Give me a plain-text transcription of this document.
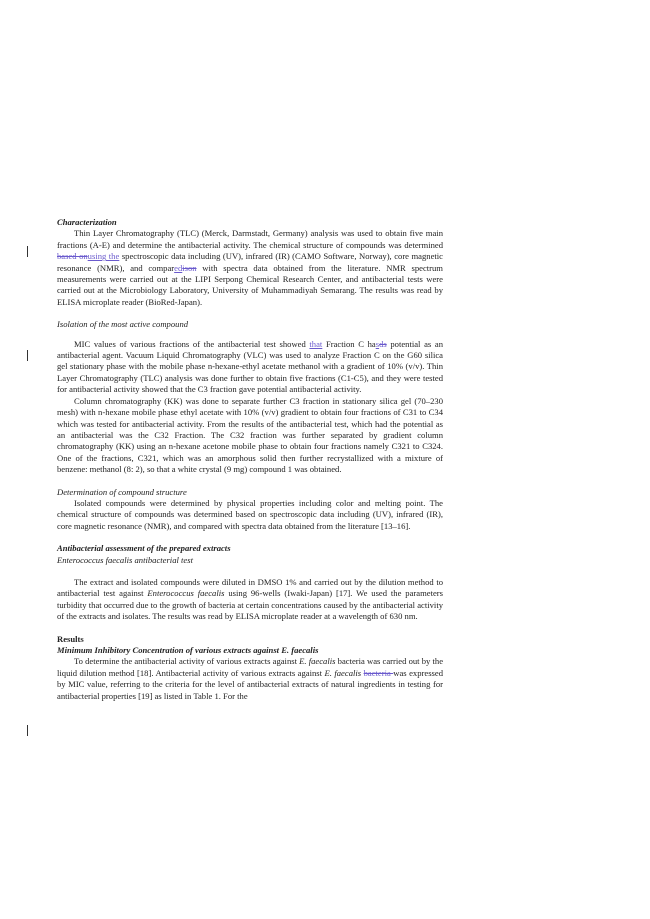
Characterization

Thin Layer Chromatography (TLC) (Merck, Darmstadt, Germany) analysis was used to obtain five main fractions (A-E) and determine the antibacterial activity. The chemical structure of compounds was determined based onusing the spectroscopic data including (UV), infrared (IR) (CAMO Software, Norway), core magnetic resonance (NMR), and comparedison with spectra data obtained from the literature. NMR spectrum measurements were carried out at the LIPI Serpong Chemical Research Center, and antibacterial tests were carried out at the Microbiology Laboratory, University of Muhammadiyah Semarang. The results was read by ELISA microplate reader (BioRed-Japan).

Isolation of the most active compound

MIC values of various fractions of the antibacterial test showed that Fraction C hasds potential as an antibacterial agent. Vacuum Liquid Chromatography (VLC) was used to analyze Fraction C on the G60 silica gel stationary phase with the mobile phase n-hexane-ethyl acetate methanol with a gradient of 10% (v/v). Thin Layer Chromatography (TLC) analysis was done further to obtain five fractions (C1-C5), and they were tested for antibacterial activity showed that the C3 fraction gave potential antibacterial activity.

Column chromatography (KK) was done to separate further C3 fraction in stationary silica gel (70–230 mesh) with n-hexane mobile phase ethyl acetate with 10% (v/v) gradient to obtain four fractions of C31 to C34 which was tested for antibacterial activity. From the results of the antibacterial test, which had the potential as an antibacterial was the C32 Fraction. The C32 fraction was further separated by gradient column chromatography (KK) using an n-hexane acetone mobile phase to obtain four fractions namely C321 to C324. One of the fractions, C321, which was an amorphous solid then further recrystallized with a mixture of benzene: methanol (8: 2), so that a white crystal (9 mg) compound 1 was obtained.

Determination of compound structure

Isolated compounds were determined by physical properties including color and melting point. The chemical structure of compounds was determined based on spectroscopic data including (UV), infrared (IR), core magnetic resonance (NMR), and compared with spectra data obtained from the literature [13–16].

Antibacterial assessment of the prepared extracts

Enterococcus faecalis antibacterial test

The extract and isolated compounds were diluted in DMSO 1% and carried out by the dilution method to antibacterial test against Enterococcus faecalis using 96-wells (Iwaki-Japan) [17]. We used the parameters turbidity that occurred due to the growth of bacteria at certain concentrations caused by the antibacterial activity of the extracts and isolates. The results was read by ELISA microplate reader at a wavelength of 630 nm.

Results

Minimum Inhibitory Concentration of various extracts against E. faecalis

To determine the antibacterial activity of various extracts against E. faecalis bacteria was carried out by the liquid dilution method [18]. Antibacterial activity of various extracts against E. faecalis bacteria was expressed by MIC value, referring to the criteria for the level of antibacterial extracts of natural ingredients in testing for antibacterial properties [19] as listed in Table 1. For the
